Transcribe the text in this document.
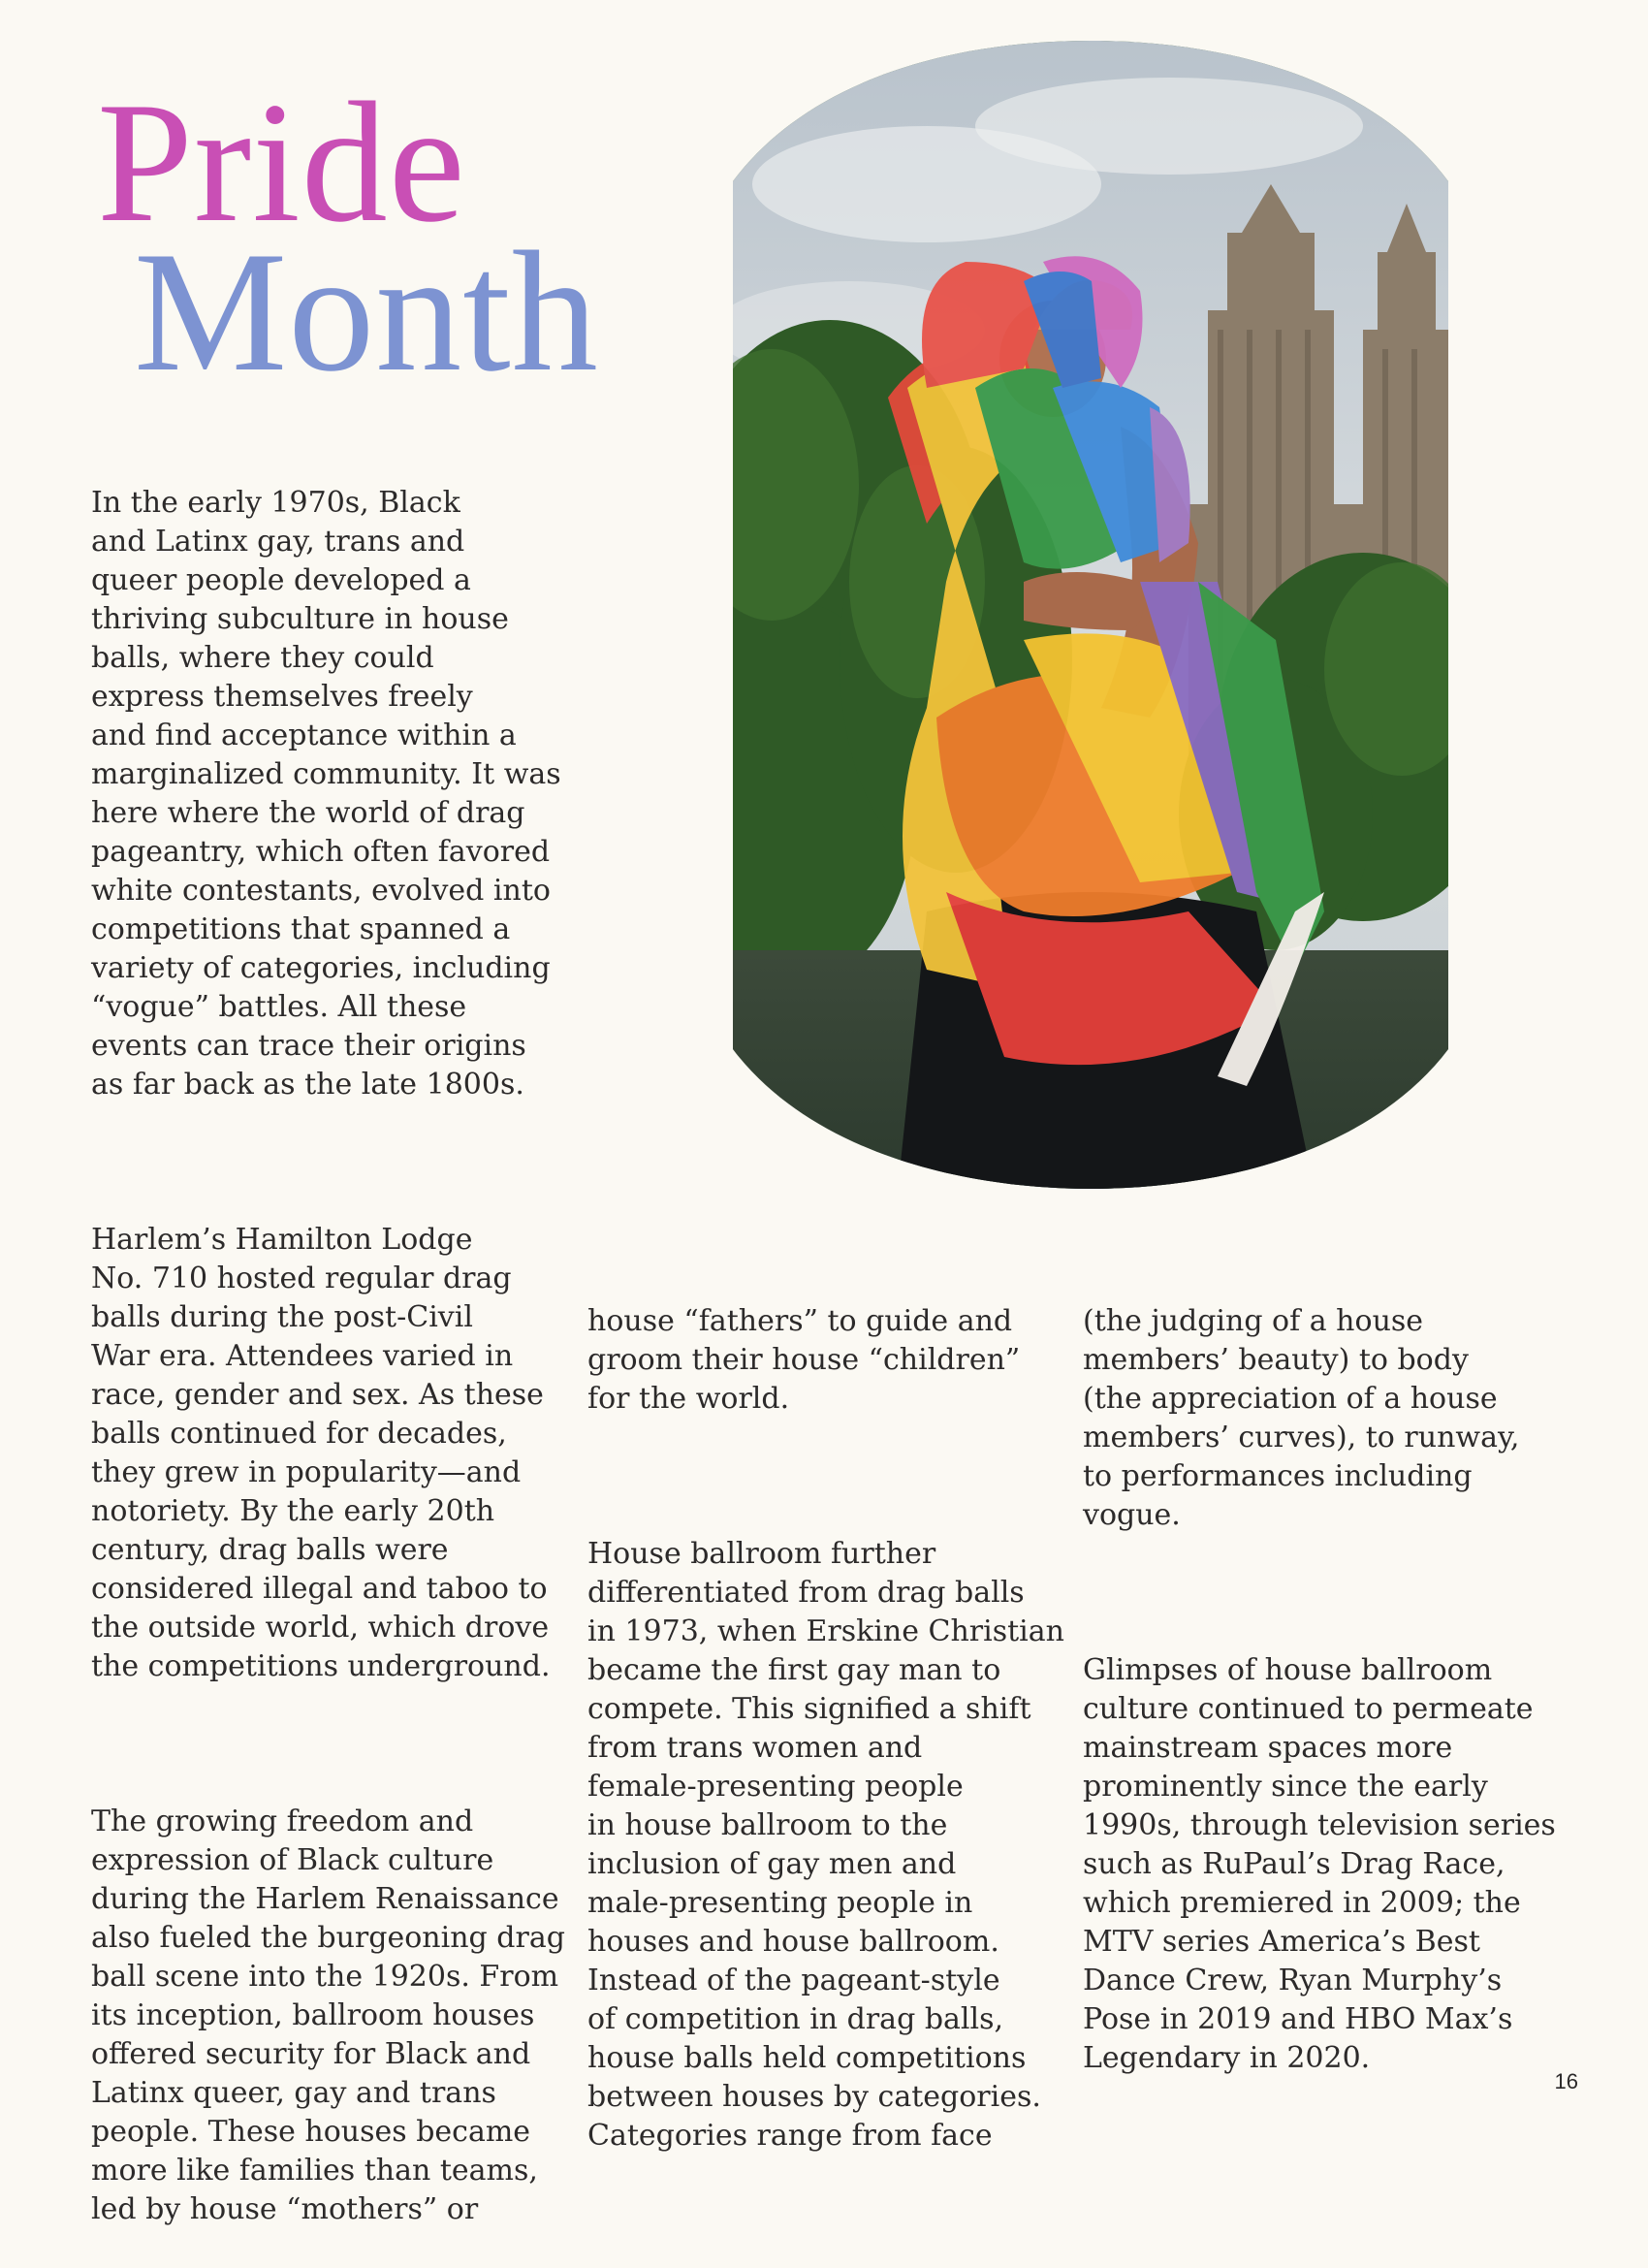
Pride
Month

In the early 1970s, Black
and Latinx gay, trans and
queer people developed a
thriving subculture in house
balls, where they could
express themselves freely
and find acceptance within a
marginalized community. It was
here where the world of drag
pageantry, which often favored
white contestants, evolved into
competitions that spanned a
variety of categories, including
“vogue” battles. All these
events can trace their origins
as far back as the late 1800s.

Harlem’s Hamilton Lodge
No. 710 hosted regular drag
balls during the post-Civil
War era. Attendees varied in
race, gender and sex. As these
balls continued for decades,
they grew in popularity—and
notoriety. By the early 20th
century, drag balls were
considered illegal and taboo to
the outside world, which drove
the competitions underground.

The growing freedom and
expression of Black culture
during the Harlem Renaissance
also fueled the burgeoning drag
ball scene into the 1920s. From
its inception, ballroom houses
offered security for Black and
Latinx queer, gay and trans
people. These houses became
more like families than teams,
led by house “mothers” or

house “fathers” to guide and
groom their house “children”
for the world.

House ballroom further
differentiated from drag balls
in 1973, when Erskine Christian
became the first gay man to
compete. This signified a shift
from trans women and
female-presenting people
in house ballroom to the
inclusion of gay men and
male-presenting people in
houses and house ballroom.
Instead of the pageant-style
of competition in drag balls,
house balls held competitions
between houses by categories.
Categories range from face

(the judging of a house
members’ beauty) to body
(the appreciation of a house
members’ curves), to runway,
to performances including
vogue.

Glimpses of house ballroom
culture continued to permeate
mainstream spaces more
prominently since the early
1990s, through television series
such as RuPaul’s Drag Race,
which premiered in 2009; the
MTV series America’s Best
Dance Crew, Ryan Murphy’s
Pose in 2019 and HBO Max’s
Legendary in 2020.

16
